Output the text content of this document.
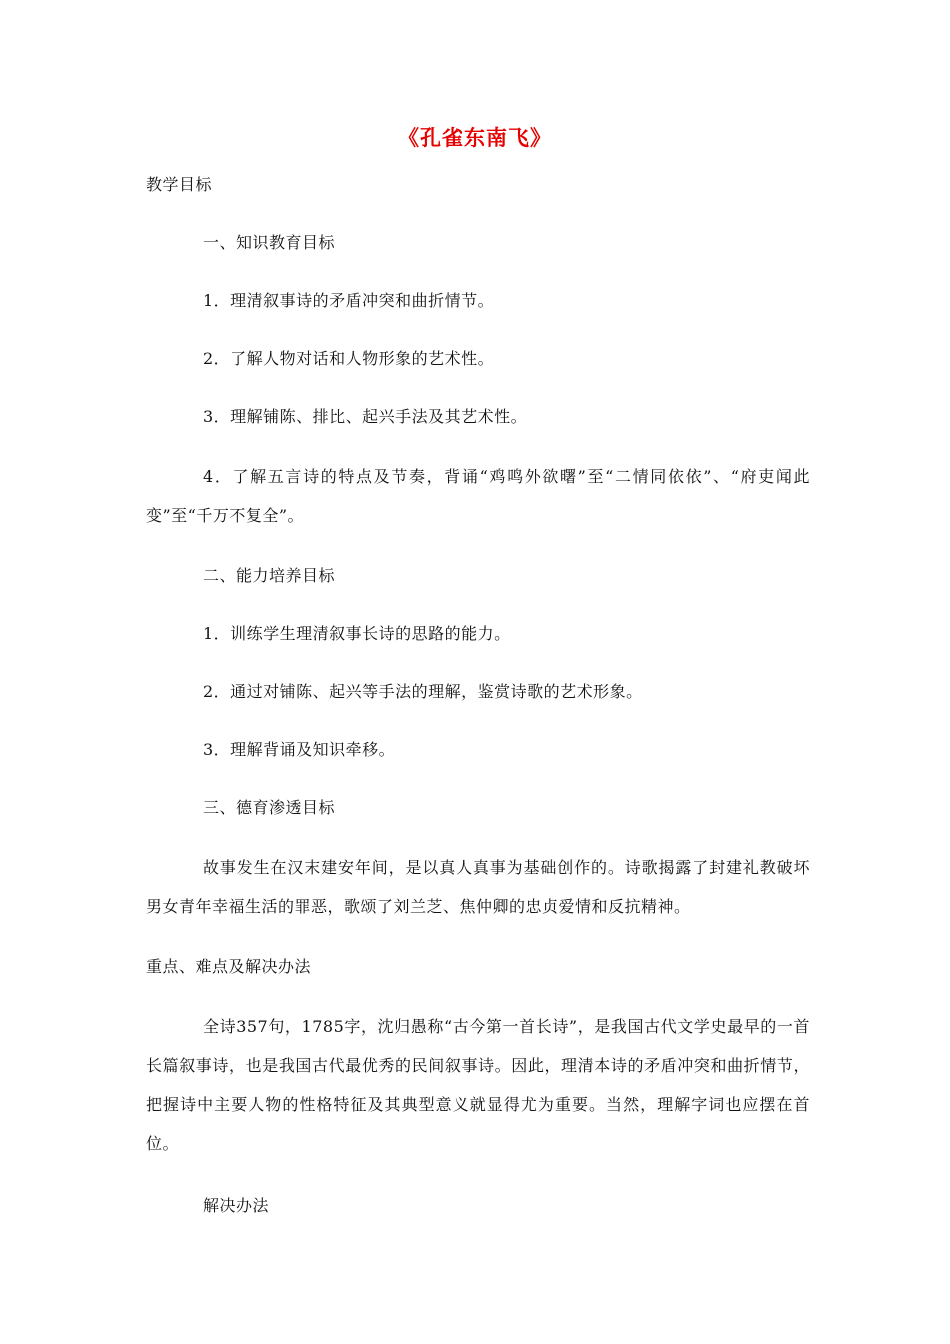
《孔雀东南飞》
教学目标
一、知识教育目标
1．理清叙事诗的矛盾冲突和曲折情节。
2．了解人物对话和人物形象的艺术性。
3．理解铺陈、排比、起兴手法及其艺术性。
4．了解五言诗的特点及节奏，背诵“鸡鸣外欲曙”至“二情同依依”、“府吏闻此变”至“千万不复全”。
二、能力培养目标
1．训练学生理清叙事长诗的思路的能力。
2．通过对铺陈、起兴等手法的理解，鉴赏诗歌的艺术形象。
3．理解背诵及知识牵移。
三、德育渗透目标
故事发生在汉末建安年间，是以真人真事为基础创作的。诗歌揭露了封建礼教破坏男女青年幸福生活的罪恶，歌颂了刘兰芝、焦仲卿的忠贞爱情和反抗精神。
重点、难点及解决办法
全诗357句，1785字，沈归愚称“古今第一首长诗”，是我国古代文学史最早的一首长篇叙事诗，也是我国古代最优秀的民间叙事诗。因此，理清本诗的矛盾冲突和曲折情节，把握诗中主要人物的性格特征及其典型意义就显得尤为重要。当然，理解字词也应摆在首位。
解决办法
